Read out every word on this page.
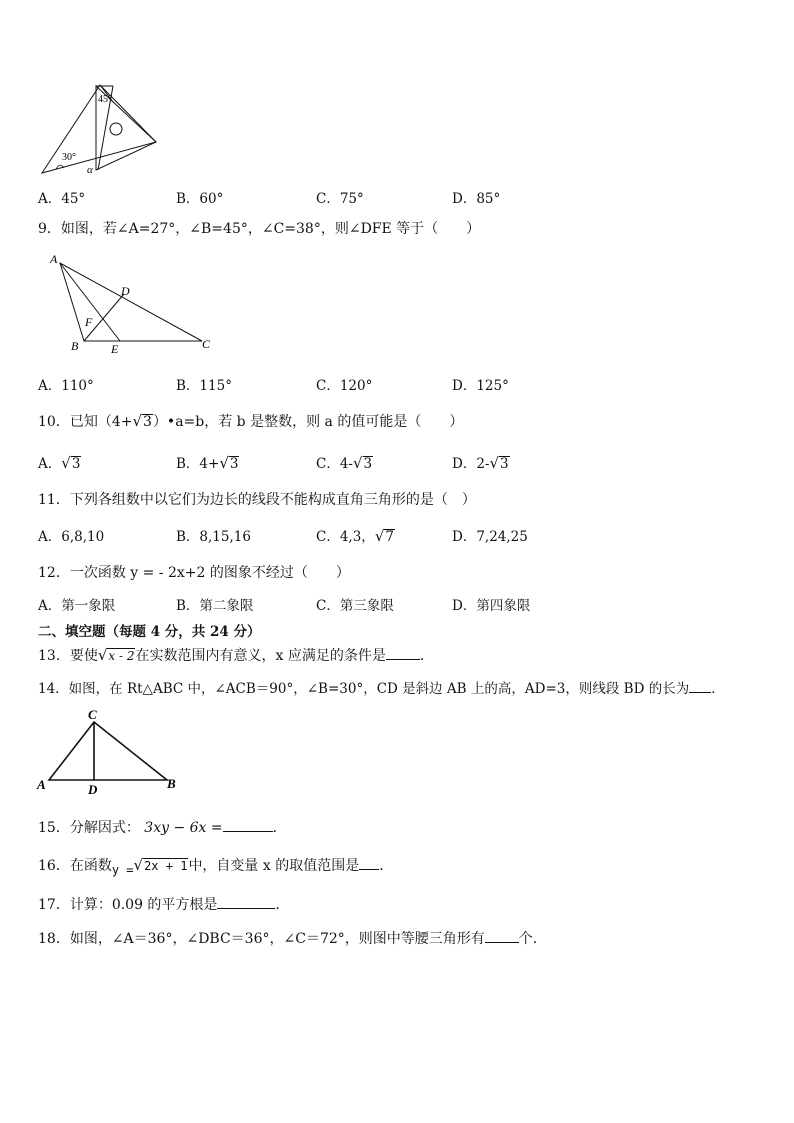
45°
30°
α
A．45°	B．60°	C．75°	D．85°
9．如图，若∠A=27°，∠B=45°，∠C=38°，则∠DFE 等于（　　）
A
D
F
B	E	C
A．110°	B．115°	C．120°	D．125°
10．已知（4+√3）•a=b，若 b 是整数，则 a 的值可能是（　　）
A．√3	B．4+√3	C．4-√3	D．2-√3
11．下列各组数中以它们为边长的线段不能构成直角三角形的是（　）
A．6,8,10	B．8,15,16	C．4,3，√7	D．7,24,25
12．一次函数 y = - 2x+2 的图象不经过（　　）
A．第一象限	B．第二象限	C．第三象限	D．第四象限
二、填空题（每题 4 分，共 24 分）
13．要使√x - 2在实数范围内有意义，x 应满足的条件是 ．
14．如图，在 Rt△ABC 中，∠ACB＝90°，∠B=30°，CD 是斜边 AB 上的高，AD=3，则线段 BD 的长为 ．
C
A	D	B
15．分解因式： 3xy − 6x =	．
16．在函数y =√2x + 1中，自变量 x 的取值范围是 ．
17．计算：0.09 的平方根是	．
18．如图，∠A＝36°，∠DBC＝36°，∠C＝72°，则图中等腰三角形有 个．
